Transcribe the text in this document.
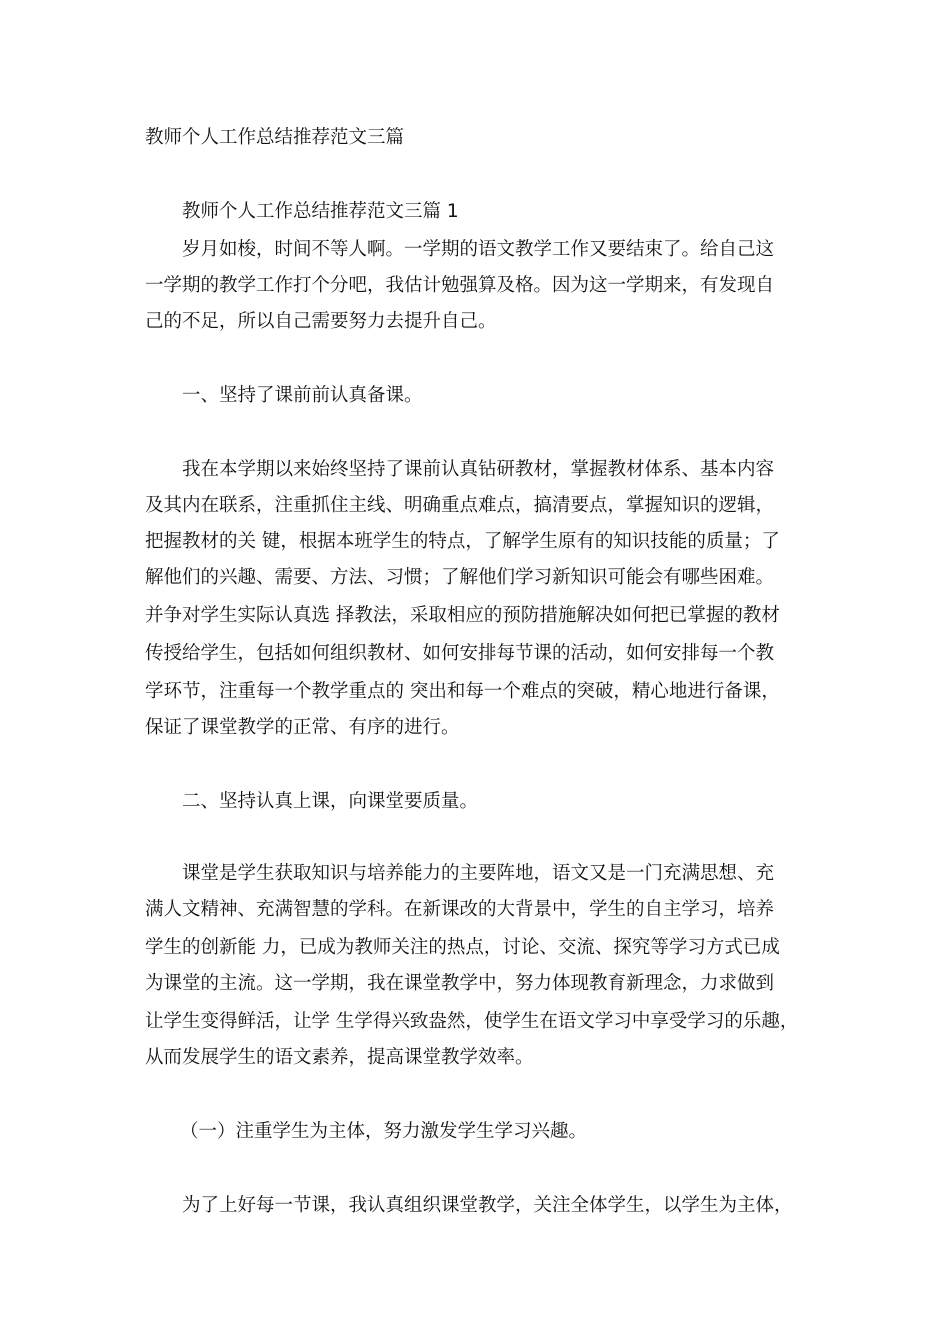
教师个人工作总结推荐范文三篇

教师个人工作总结推荐范文三篇 1

岁月如梭，时间不等人啊。一学期的语文教学工作又要结束了。给自己这

一学期的教学工作打个分吧，我估计勉强算及格。因为这一学期来，有发现自

己的不足，所以自己需要努力去提升自己。

一、坚持了课前前认真备课。

我在本学期以来始终坚持了课前认真钻研教材，掌握教材体系、基本内容

及其内在联系，注重抓住主线、明确重点难点，搞清要点，掌握知识的逻辑，

把握教材的关 键，根据本班学生的特点，了解学生原有的知识技能的质量；了

解他们的兴趣、需要、方法、习惯；了解他们学习新知识可能会有哪些困难。

并争对学生实际认真选 择教法，采取相应的预防措施解决如何把已掌握的教材

传授给学生，包括如何组织教材、如何安排每节课的活动，如何安排每一个教

学环节，注重每一个教学重点的 突出和每一个难点的突破，精心地进行备课，

保证了课堂教学的正常、有序的进行。

二、坚持认真上课，向课堂要质量。

课堂是学生获取知识与培养能力的主要阵地，语文又是一门充满思想、充

满人文精神、充满智慧的学科。在新课改的大背景中，学生的自主学习，培养

学生的创新能 力，已成为教师关注的热点，讨论、交流、探究等学习方式已成

为课堂的主流。这一学期，我在课堂教学中，努力体现教育新理念，力求做到

让学生变得鲜活，让学 生学得兴致盎然，使学生在语文学习中享受学习的乐趣，

从而发展学生的语文素养，提高课堂教学效率。

（一）注重学生为主体，努力激发学生学习兴趣。

为了上好每一节课，我认真组织课堂教学，关注全体学生，以学生为主体，
